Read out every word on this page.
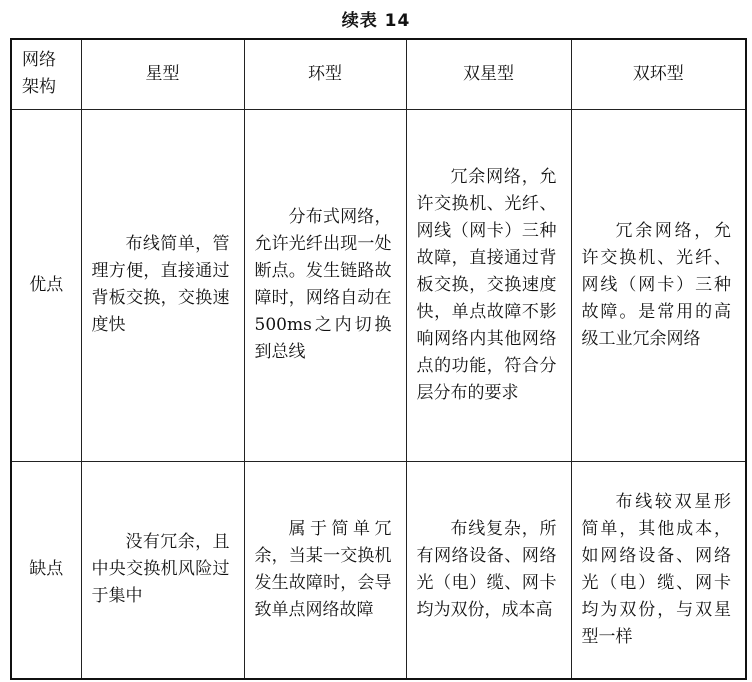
续表 14
网络架构	星型	环型	双星型	双环型
优点	布线简单，管理方便，直接通过背板交换，交换速度快	分布式网络，允许光纤出现一处断点。发生链路故障时，网络自动在500ms之内切换到总线	冗余网络，允许交换机、光纤、网线（网卡）三种故障，直接通过背板交换，交换速度快，单点故障不影响网络内其他网络点的功能，符合分层分布的要求	冗余网络，允许交换机、光纤、网线（网卡）三种故障。是常用的高级工业冗余网络

缺点	没有冗余，且中央交换机风险过于集中	属于简单冗余，当某一交换机发生故障时，会导致单点网络故障	布线复杂，所有网络设备、网络光（电）缆、网卡均为双份，成本高	布线较双星形简单，其他成本，如网络设备、网络光（电）缆、网卡均为双份，与双星型一样
